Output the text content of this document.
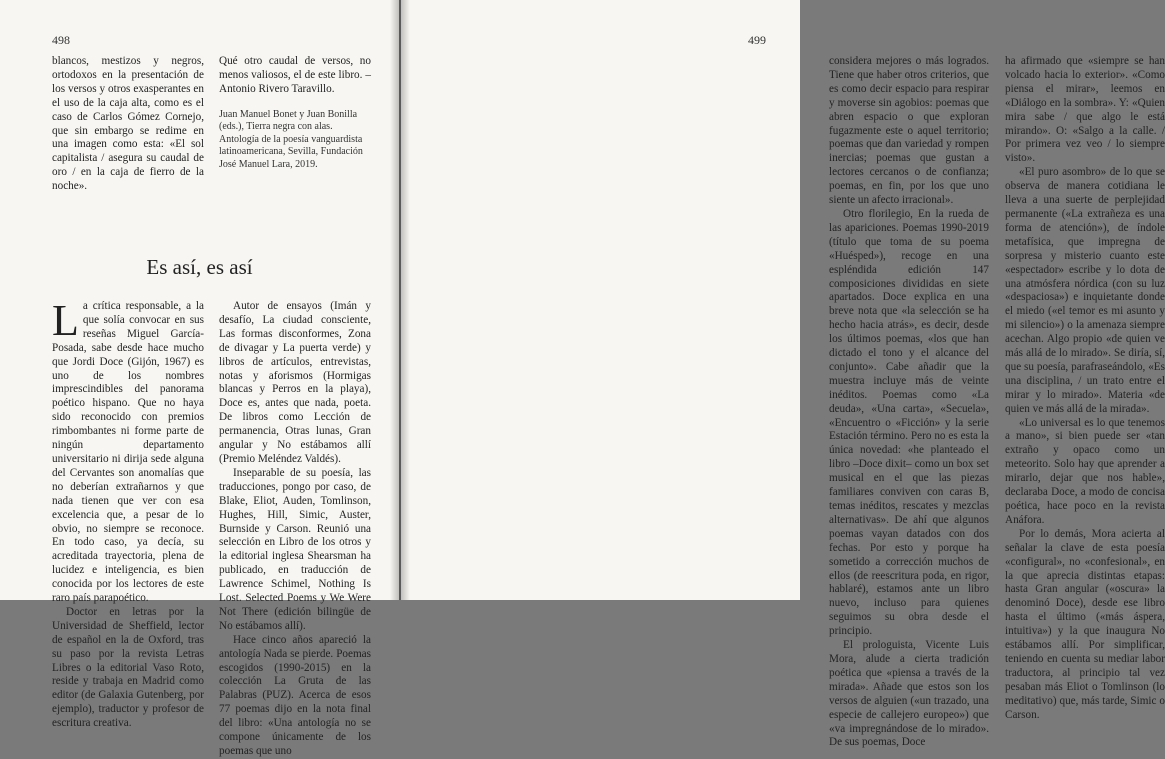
498

blancos, mestizos y negros, ortodoxos en la presentación de los versos y otros exasperantes en el uso de la caja alta, como es el caso de Carlos Gómez Cornejo, que sin embargo se redime en una imagen como esta: «El sol capitalista / asegura su caudal de oro / en la caja de fierro de la noche».

Qué otro caudal de versos, no menos valiosos, el de este libro. –Antonio Rivero Taravillo.

Juan Manuel Bonet y Juan Bonilla (eds.), Tierra negra con alas. Antología de la poesía vanguardista latinoamericana, Sevilla, Fundación José Manuel Lara, 2019.
Es así, es así

La crítica responsable, a la que solía convocar en sus reseñas Miguel García-Posada, sabe desde hace mucho que Jordi Doce (Gijón, 1967) es uno de los nombres imprescindibles del panorama poético hispano. Que no haya sido reconocido con premios rimbombantes ni forme parte de ningún departamento universitario ni dirija sede alguna del Cervantes son anomalías que no deberían extrañarnos y que nada tienen que ver con esa excelencia que, a pesar de lo obvio, no siempre se reconoce. En todo caso, ya decía, su acreditada trayectoria, plena de lucidez e inteligencia, es bien conocida por los lectores de este raro país parapoético.

Doctor en letras por la Universidad de Sheffield, lector de español en la de Oxford, tras su paso por la revista Letras Libres o la editorial Vaso Roto, reside y trabaja en Madrid como editor (de Galaxia Gutenberg, por ejemplo), traductor y profesor de escritura creativa.

Autor de ensayos (Imán y desafío, La ciudad consciente, Las formas disconformes, Zona de divagar y La puerta verde) y libros de artículos, entrevistas, notas y aforismos (Hormigas blancas y Perros en la playa), Doce es, antes que nada, poeta. De libros como Lección de permanencia, Otras lunas, Gran angular y No estábamos allí (Premio Meléndez Valdés).

Inseparable de su poesía, las traducciones, pongo por caso, de Blake, Eliot, Auden, Tomlinson, Hughes, Hill, Simic, Auster, Burnside y Carson. Reunió una selección en Libro de los otros y la editorial inglesa Shearsman ha publicado, en traducción de Lawrence Schimel, Nothing Is Lost. Selected Poems y We Were Not There (edición bilingüe de No estábamos allí).

Hace cinco años apareció la antología Nada se pierde. Poemas escogidos (1990-2015) en la colección La Gruta de las Palabras (PUZ). Acerca de esos 77 poemas dijo en la nota final del libro: «Una antología no se compone únicamente de los poemas que uno

499

considera mejores o más logrados. Tiene que haber otros criterios, que es como decir espacio para respirar y moverse sin agobios: poemas que abren espacio o que exploran fugazmente este o aquel territorio; poemas que dan variedad y rompen inercias; poemas que gustan a lectores cercanos o de confianza; poemas, en fin, por los que uno siente un afecto irracional».

Otro florilegio, En la rueda de las apariciones. Poemas 1990-2019 (título que toma de su poema «Huésped»), recoge en una espléndida edición 147 composiciones divididas en siete apartados. Doce explica en una breve nota que «la selección se ha hecho hacia atrás», es decir, desde los últimos poemas, «los que han dictado el tono y el alcance del conjunto». Cabe añadir que la muestra incluye más de veinte inéditos. Poemas como «La deuda», «Una carta», «Secuela», «Encuentro o «Ficción» y la serie Estación término. Pero no es esta la única novedad: «he planteado el libro –Doce dixit– como un box set musical en el que las piezas familiares conviven con caras B, temas inéditos, rescates y mezclas alternativas». De ahí que algunos poemas vayan datados con dos fechas. Por esto y porque ha sometido a corrección muchos de ellos (de reescritura poda, en rigor, hablaré), estamos ante un libro nuevo, incluso para quienes seguimos su obra desde el principio.

El prologuista, Vicente Luis Mora, alude a cierta tradición poética que «piensa a través de la mirada». Añade que estos son los versos de alguien («un trazado, una especie de callejero europeo») que «va impregnándose de lo mirado». De sus poemas, Doce

ha afirmado que «siempre se han volcado hacia lo exterior». «Como piensa el mirar», leemos en «Diálogo en la sombra». Y: «Quien mira sabe / que algo le está mirando». O: «Salgo a la calle. / Por primera vez veo / lo siempre visto».

«El puro asombro» de lo que se observa de manera cotidiana le lleva a una suerte de perplejidad permanente («La extrañeza es una forma de atención»), de índole metafísica, que impregna de sorpresa y misterio cuanto este «espectador» escribe y lo dota de una atmósfera nórdica (con su luz «despaciosa») e inquietante donde el miedo («el temor es mi asunto y mi silencio») o la amenaza siempre acechan. Algo propio «de quien ve más allá de lo mirado». Se diría, sí, que su poesía, parafraseándolo, «Es una disciplina, / un trato entre el mirar y lo mirado». Materia «de quien ve más allá de la mirada».

«Lo universal es lo que tenemos a mano», si bien puede ser «tan extraño y opaco como un meteorito. Solo hay que aprender a mirarlo, dejar que nos hable», declaraba Doce, a modo de concisa poética, hace poco en la revista Anáfora.

Por lo demás, Mora acierta al señalar la clave de esta poesía «configural», no «confesional», en la que aprecia distintas etapas: hasta Gran angular («oscura» la denominó Doce), desde ese libro hasta el último («más áspera, intuitiva») y la que inaugura No estábamos allí. Por simplificar, teniendo en cuenta su mediar labor traductora, al principio tal vez pesaban más Eliot o Tomlinson (lo meditativo) que, más tarde, Simic o Carson.
